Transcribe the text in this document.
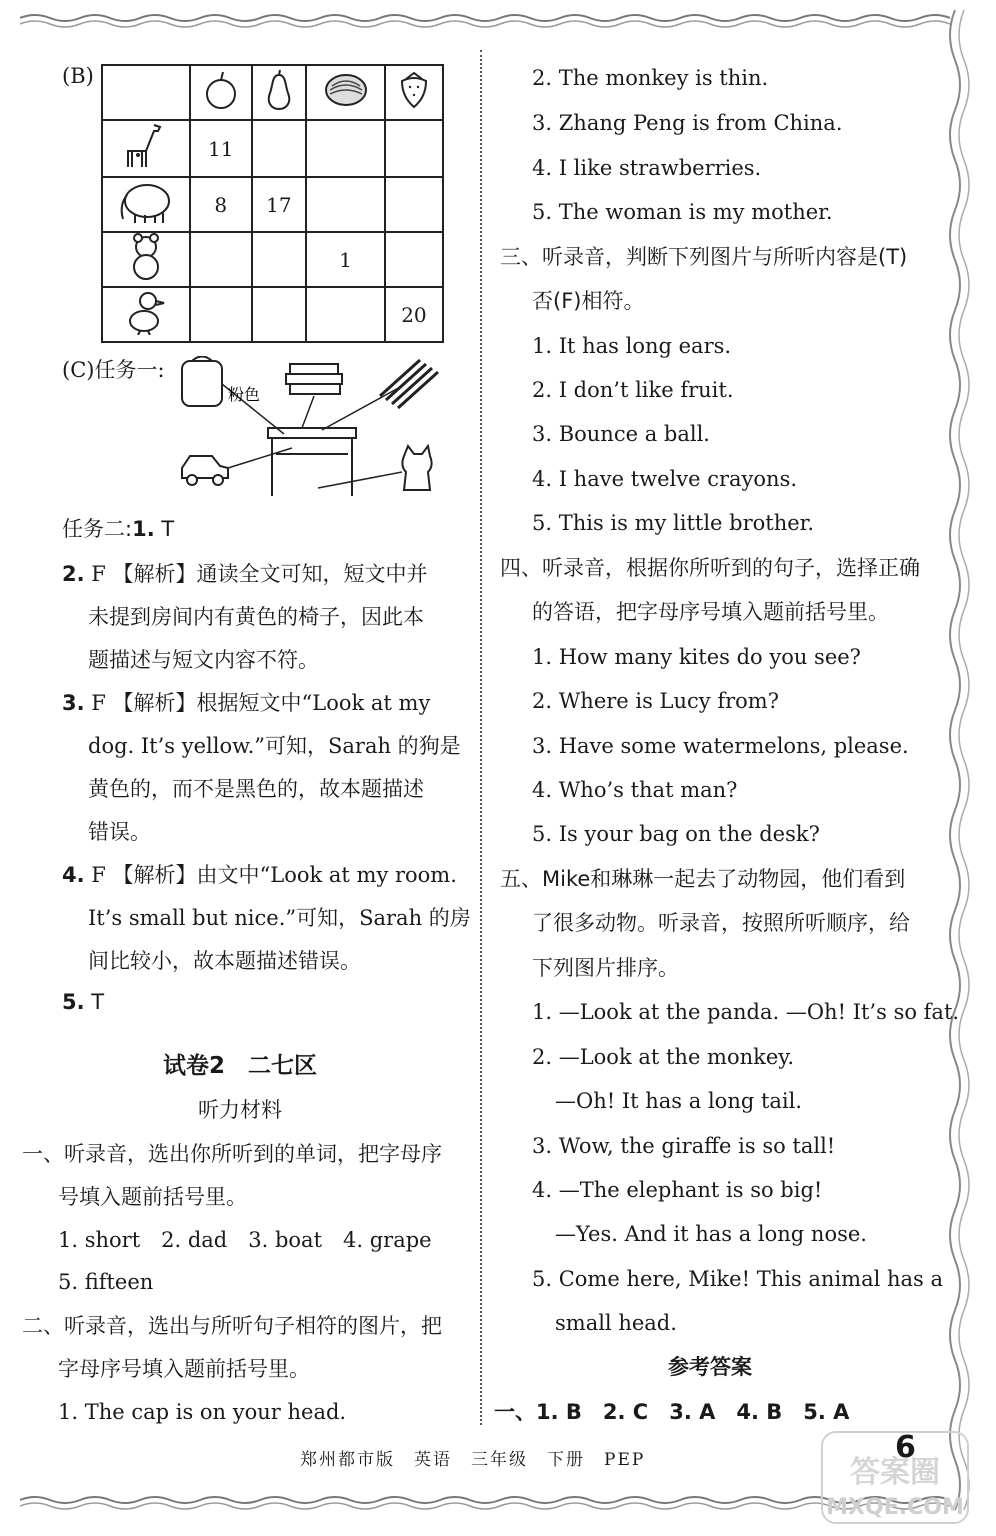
(B)

	11			
	8	17		
			1	
				20
(C)任务一:
粉色
任务二:1. T
2. F 【解析】通读全文可知，短文中并
未提到房间内有黄色的椅子，因此本
题描述与短文内容不符。
3. F 【解析】根据短文中“Look at my
dog. It’s yellow.”可知，Sarah 的狗是
黄色的，而不是黑色的，故本题描述
错误。
4. F 【解析】由文中“Look at my room.
It’s small but nice.”可知，Sarah 的房
间比较小，故本题描述错误。
5. T
试卷2　二七区
听力材料
一、听录音，选出你所听到的单词，把字母序
号填入题前括号里。
1. short　2. dad　3. boat　4. grape
5. fifteen
二、听录音，选出与所听句子相符的图片，把
字母序号填入题前括号里。
1. The cap is on your head.
2. The monkey is thin.
3. Zhang Peng is from China.
4. I like strawberries.
5. The woman is my mother.
三、听录音，判断下列图片与所听内容是(T)
否(F)相符。
1. It has long ears.
2. I don’t like fruit.
3. Bounce a ball.
4. I have twelve crayons.
5. This is my little brother.
四、听录音，根据你所听到的句子，选择正确
的答语，把字母序号填入题前括号里。
1. How many kites do you see?
2. Where is Lucy from?
3. Have some watermelons, please.
4. Who’s that man?
5. Is your bag on the desk?
五、Mike和琳琳一起去了动物园，他们看到
了很多动物。听录音，按照所听顺序，给
下列图片排序。
1. —Look at the panda. —Oh! It’s so fat.
2. —Look at the monkey.
—Oh! It has a long tail.
3. Wow, the giraffe is so tall!
4. —The elephant is so big!
—Yes. And it has a long nose.
5. Come here, Mike! This animal has a
small head.
参考答案
一、1. B　2. C　3. A　4. B　5. A
郑州都市版　英语　三年级　下册　PEP	答案圈
MXQE.COM
6
